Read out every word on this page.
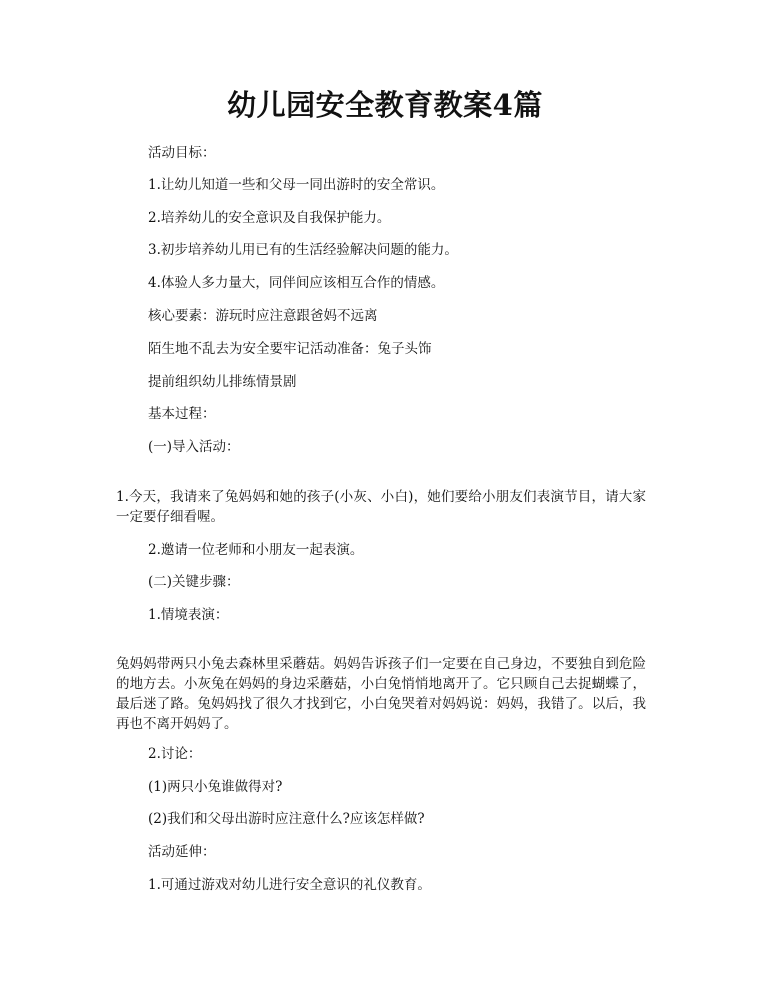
幼儿园安全教育教案4篇
活动目标：
1.让幼儿知道一些和父母一同出游时的安全常识。
2.培养幼儿的安全意识及自我保护能力。
3.初步培养幼儿用已有的生活经验解决问题的能力。
4.体验人多力量大，同伴间应该相互合作的情感。
核心要素：游玩时应注意跟爸妈不远离
陌生地不乱去为安全要牢记活动准备：兔子头饰
提前组织幼儿排练情景剧
基本过程：
(一)导入活动：
1.今天，我请来了兔妈妈和她的孩子(小灰、小白)，她们要给小朋友们表演节目，请大家一定要仔细看喔。
2.邀请一位老师和小朋友一起表演。
(二)关键步骤：
1.情境表演：
兔妈妈带两只小兔去森林里采蘑菇。妈妈告诉孩子们一定要在自己身边，不要独自到危险的地方去。小灰兔在妈妈的身边采蘑菇，小白兔悄悄地离开了。它只顾自己去捉蝴蝶了，最后迷了路。兔妈妈找了很久才找到它，小白兔哭着对妈妈说：妈妈，我错了。以后，我再也不离开妈妈了。
2.讨论：
(1)两只小兔谁做得对?
(2)我们和父母出游时应注意什么?应该怎样做?
活动延伸：
1.可通过游戏对幼儿进行安全意识的礼仪教育。
